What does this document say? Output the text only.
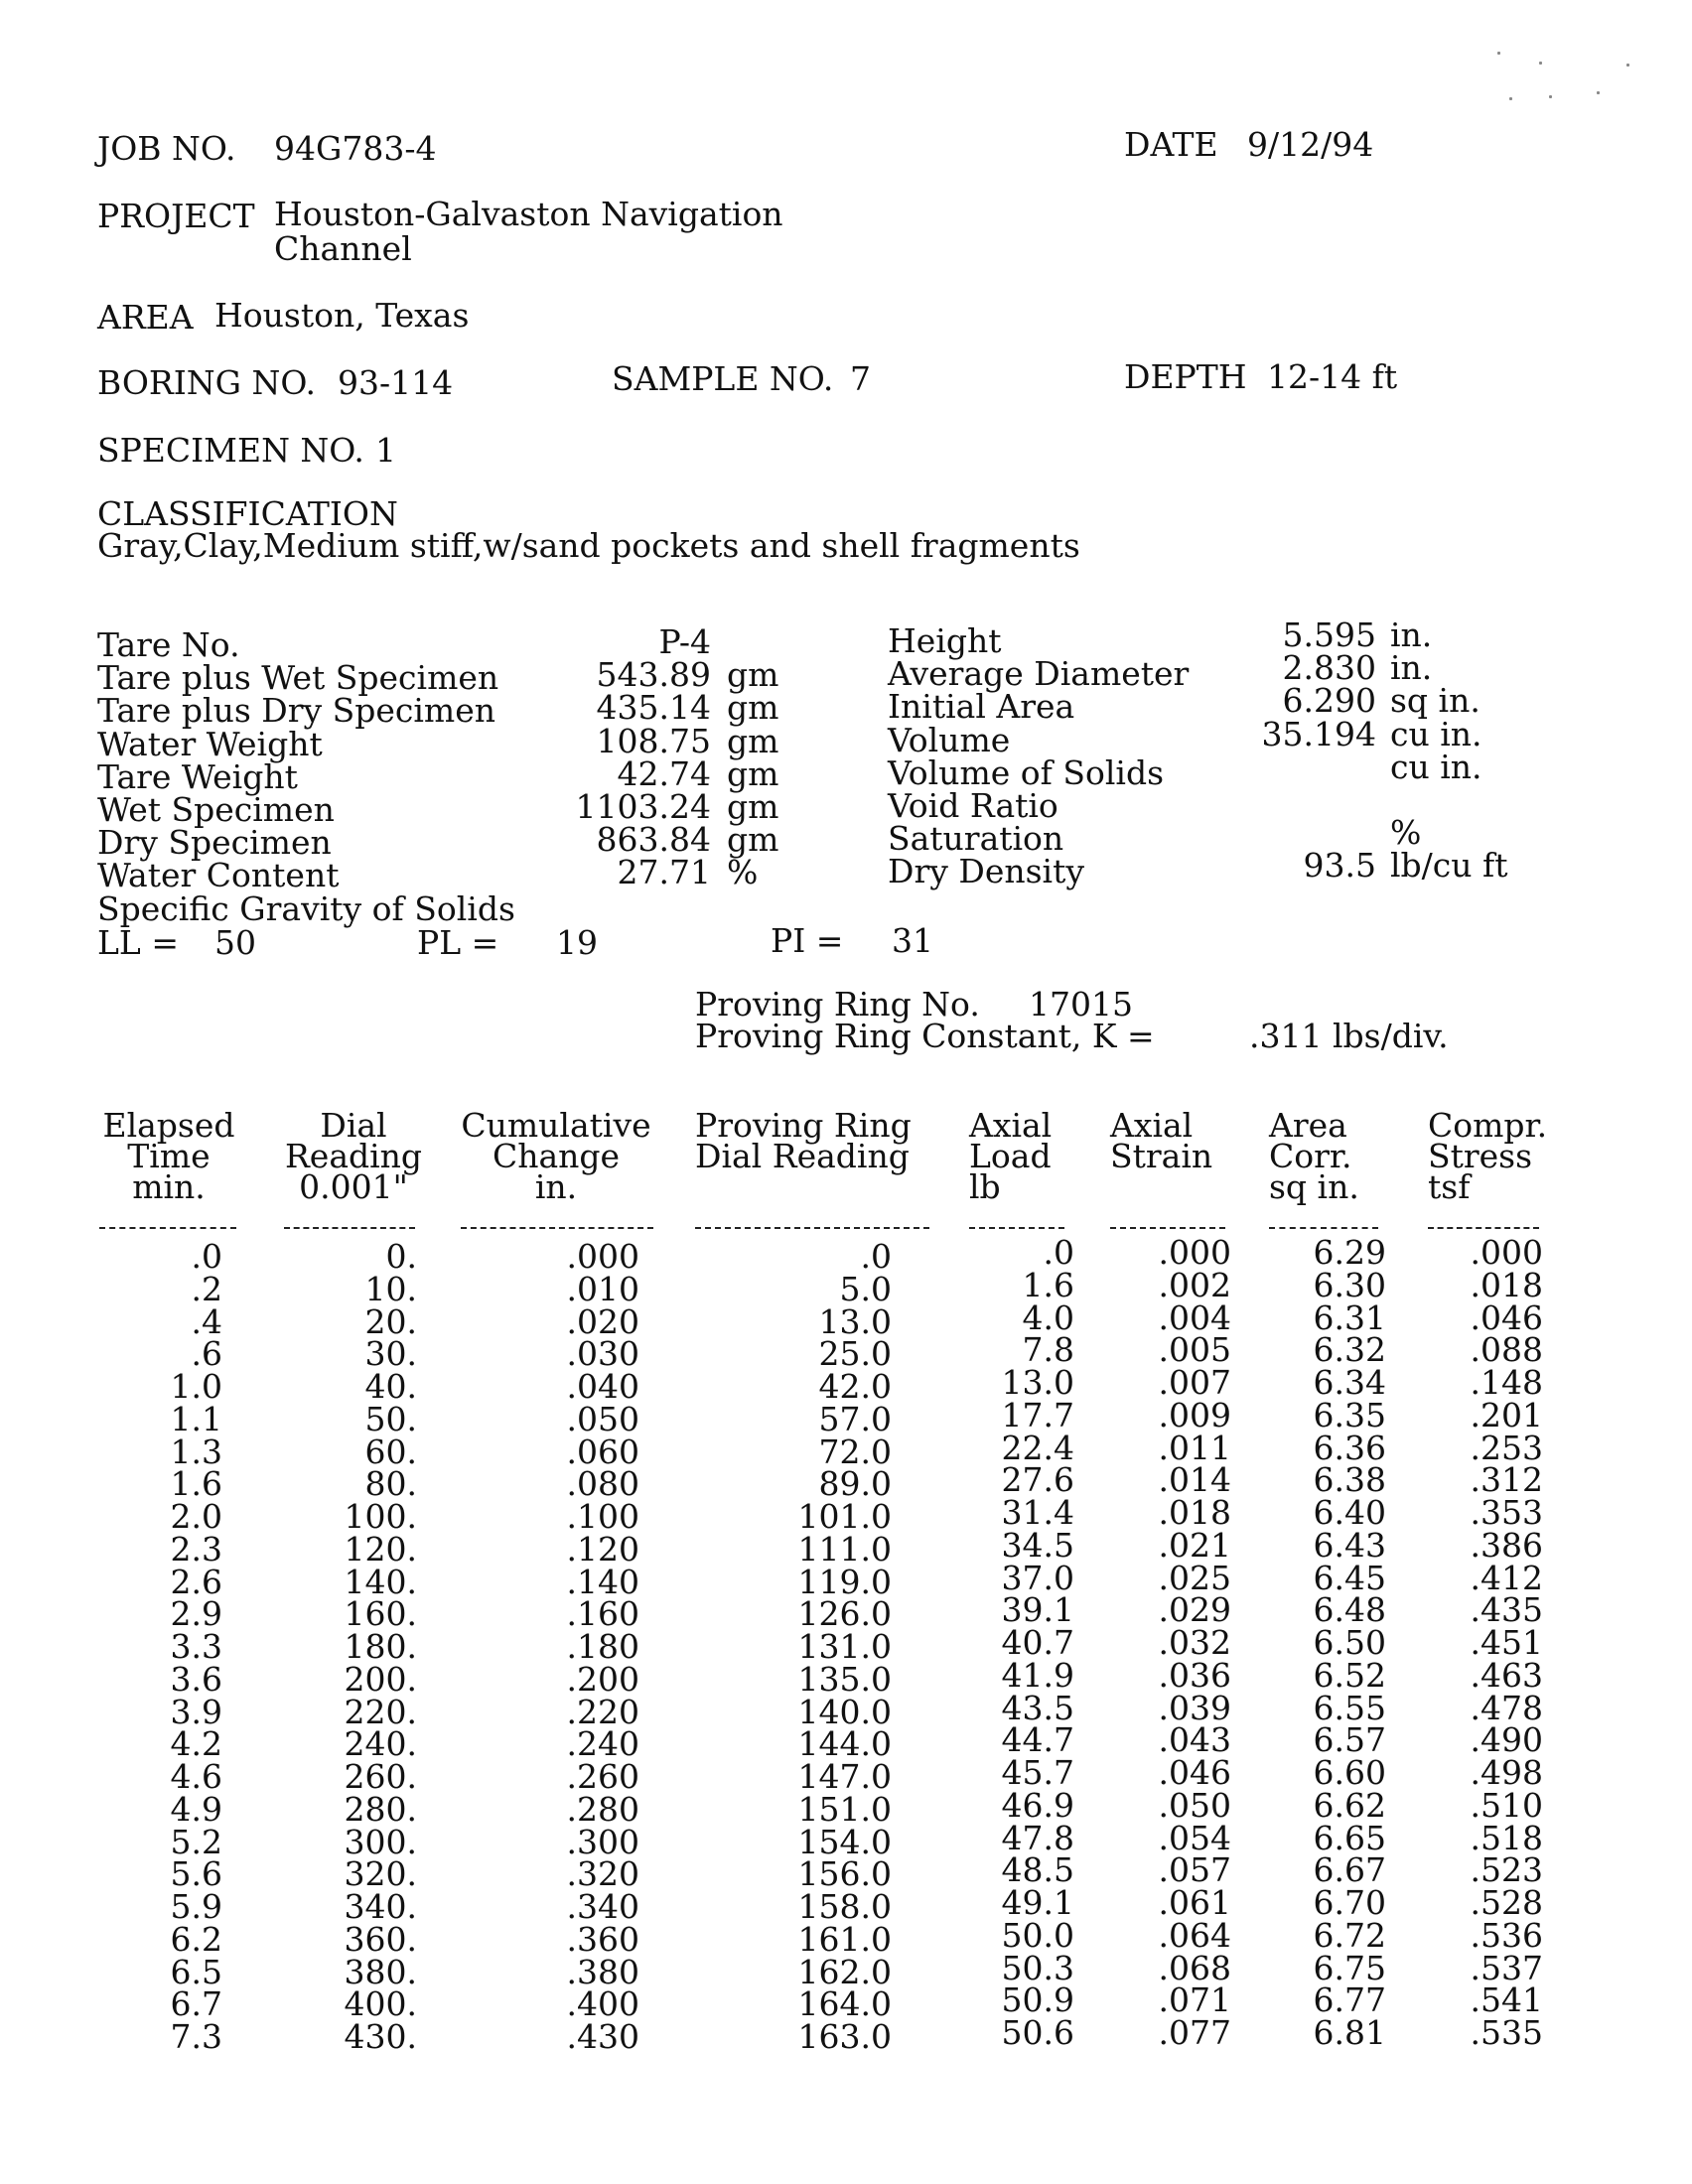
JOB NO. 94G783-4	DATE 9/12/94
PROJECT Houston-Galvaston Navigation
Channel
AREA Houston, Texas
BORING NO. 93-114	SAMPLE NO. 7	DEPTH 12-14 ft
SPECIMEN NO. 1
CLASSIFICATION
Gray,Clay,Medium stiff,w/sand pockets and shell fragments
Tare No.	P-4
Tare plus Wet Specimen	543.89 gm
Tare plus Dry Specimen	435.14 gm
Water Weight	108.75 gm
Tare Weight	42.74 gm
Wet Specimen	1103.24 gm
Dry Specimen	863.84 gm
Water Content	27.71 %
Height	5.595 in.
Average Diameter	2.830 in.
Initial Area	6.290 sq in.
Volume	35.194 cu in.
Volume of Solids	cu in.
Void Ratio
Saturation	%
Dry Density	93.5 lb/cu ft
Specific Gravity of Solids
LL = 50	PL = 19	PI = 31
Proving Ring No. 17015
Proving Ring Constant, K =	.311 lbs/div.
Elapsed
Time
min.
Dial
Reading
0.001"
Cumulative
Change
in.
Proving Ring
Dial Reading
Axial
Load
lb
Axial
Strain
Area
Corr.
sq in.
Compr.
Stress
tsf
.0	0.	.000	.0	.0	.000	6.29	.000
.2	10.	.010	5.0	1.6	.002	6.30	.018
.4	20.	.020	13.0	4.0	.004	6.31	.046
.6	30.	.030	25.0	7.8	.005	6.32	.088
1.0	40.	.040	42.0	13.0	.007	6.34	.148
1.1	50.	.050	57.0	17.7	.009	6.35	.201
1.3	60.	.060	72.0	22.4	.011	6.36	.253
1.6	80.	.080	89.0	27.6	.014	6.38	.312
2.0	100.	.100	101.0	31.4	.018	6.40	.353
2.3	120.	.120	111.0	34.5	.021	6.43	.386
2.6	140.	.140	119.0	37.0	.025	6.45	.412
2.9	160.	.160	126.0	39.1	.029	6.48	.435
3.3	180.	.180	131.0	40.7	.032	6.50	.451
3.6	200.	.200	135.0	41.9	.036	6.52	.463
3.9	220.	.220	140.0	43.5	.039	6.55	.478
4.2	240.	.240	144.0	44.7	.043	6.57	.490
4.6	260.	.260	147.0	45.7	.046	6.60	.498
4.9	280.	.280	151.0	46.9	.050	6.62	.510
5.2	300.	.300	154.0	47.8	.054	6.65	.518
5.6	320.	.320	156.0	48.5	.057	6.67	.523
5.9	340.	.340	158.0	49.1	.061	6.70	.528
6.2	360.	.360	161.0	50.0	.064	6.72	.536
6.5	380.	.380	162.0	50.3	.068	6.75	.537
6.7	400.	.400	164.0	50.9	.071	6.77	.541
7.3	430.	.430	163.0	50.6	.077	6.81	.535
